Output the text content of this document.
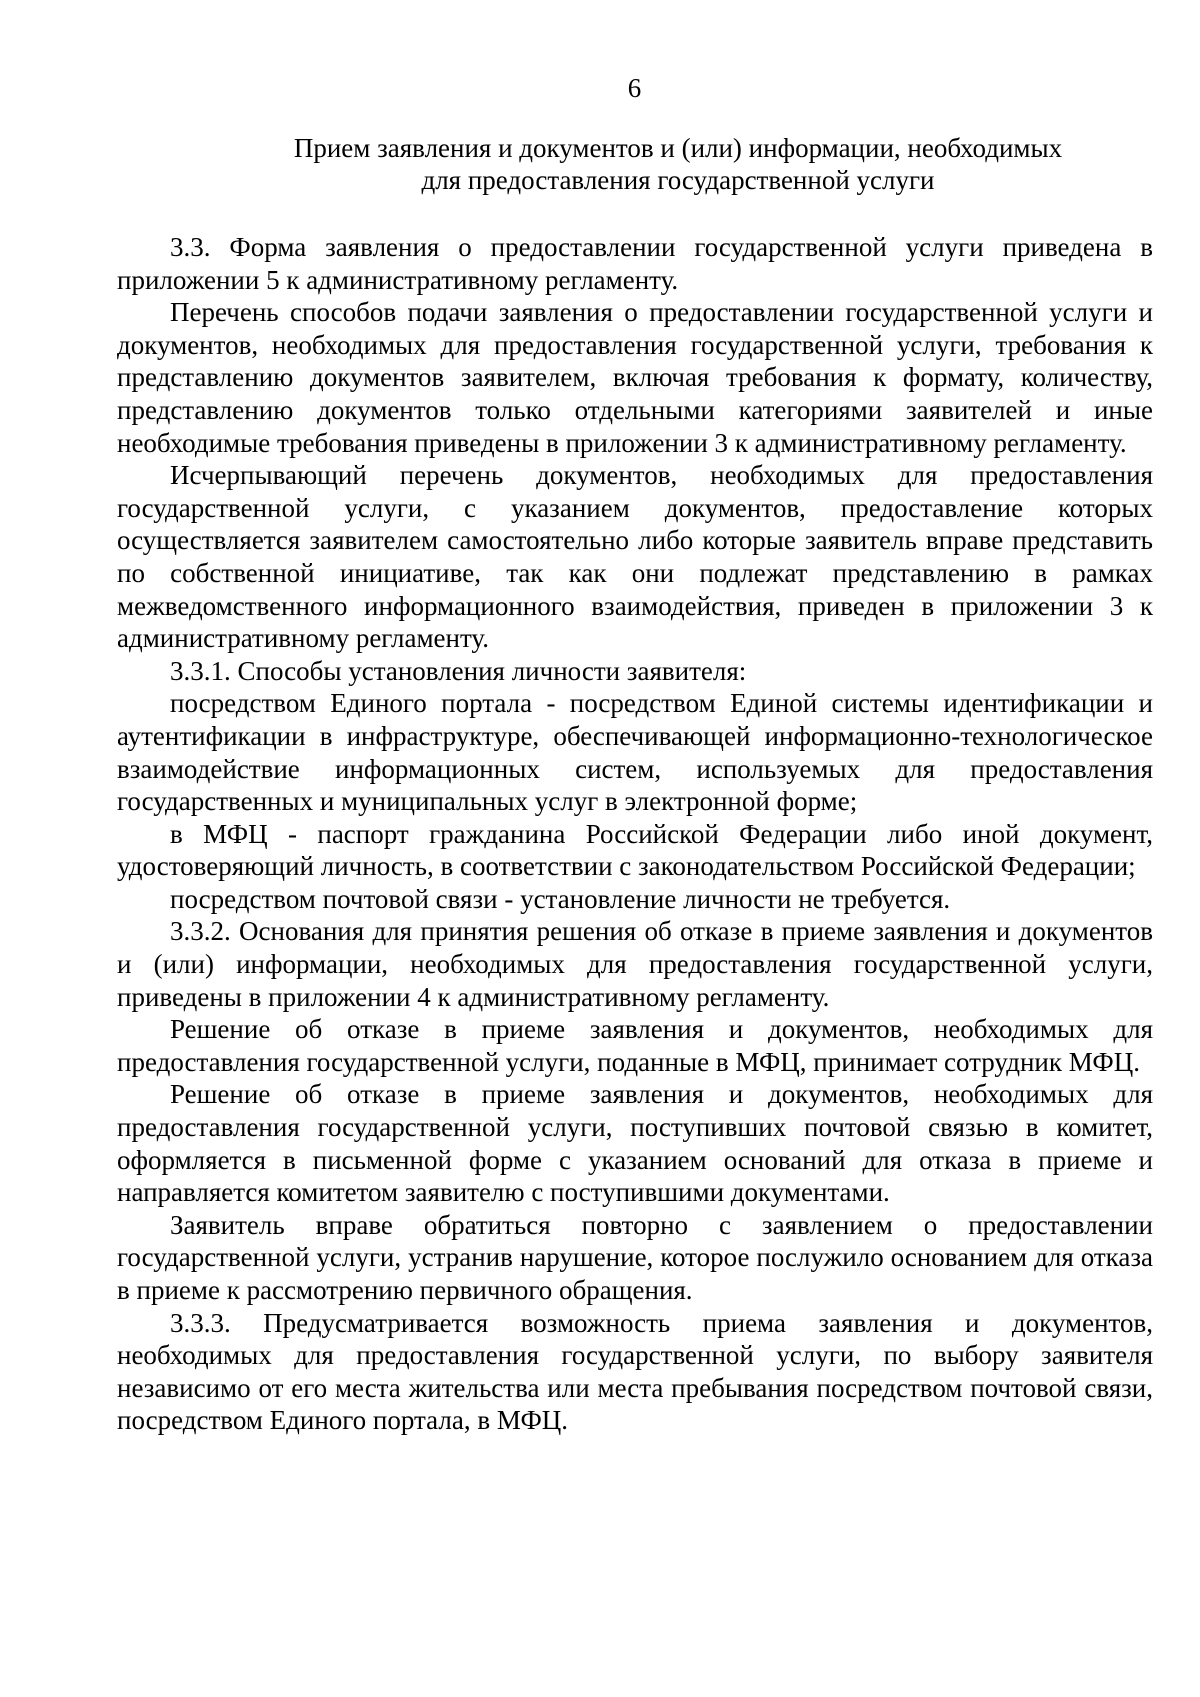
6
Прием заявления и документов и (или) информации, необходимых
для предоставления государственной услуги

3.3. Форма заявления о предоставлении государственной услуги приведена в приложении 5 к административному регламенту.

Перечень способов подачи заявления о предоставлении государственной услуги и документов, необходимых для предоставления государственной услуги, требования к представлению документов заявителем, включая требования к формату, количеству, представлению документов только отдельными категориями заявителей и иные необходимые требования приведены в приложении 3 к административному регламенту.

Исчерпывающий перечень документов, необходимых для предоставления государственной услуги, с указанием документов, предоставление которых осуществляется заявителем самостоятельно либо которые заявитель вправе представить по собственной инициативе, так как они подлежат представлению в рамках межведомственного информационного взаимодействия, приведен в приложении 3 к административному регламенту.

3.3.1. Способы установления личности заявителя:

посредством Единого портала - посредством Единой системы идентификации и аутентификации в инфраструктуре, обеспечивающей информационно-технологическое взаимодействие информационных систем, используемых для предоставления государственных и муниципальных услуг в электронной форме;

в МФЦ - паспорт гражданина Российской Федерации либо иной документ, удостоверяющий личность, в соответствии с законодательством Российской Федерации;

посредством почтовой связи - установление личности не требуется.

3.3.2. Основания для принятия решения об отказе в приеме заявления и документов и (или) информации, необходимых для предоставления государственной услуги, приведены в приложении 4 к административному регламенту.

Решение об отказе в приеме заявления и документов, необходимых для предоставления государственной услуги, поданные в МФЦ, принимает сотрудник МФЦ.

Решение об отказе в приеме заявления и документов, необходимых для предоставления государственной услуги, поступивших почтовой связью в комитет, оформляется в письменной форме с указанием оснований для отказа в приеме и направляется комитетом заявителю с поступившими документами.

Заявитель вправе обратиться повторно с заявлением о предоставлении государственной услуги, устранив нарушение, которое послужило основанием для отказа в приеме к рассмотрению первичного обращения.

3.3.3. Предусматривается возможность приема заявления и документов, необходимых для предоставления государственной услуги, по выбору заявителя независимо от его места жительства или места пребывания посредством почтовой связи, посредством Единого портала, в МФЦ.
